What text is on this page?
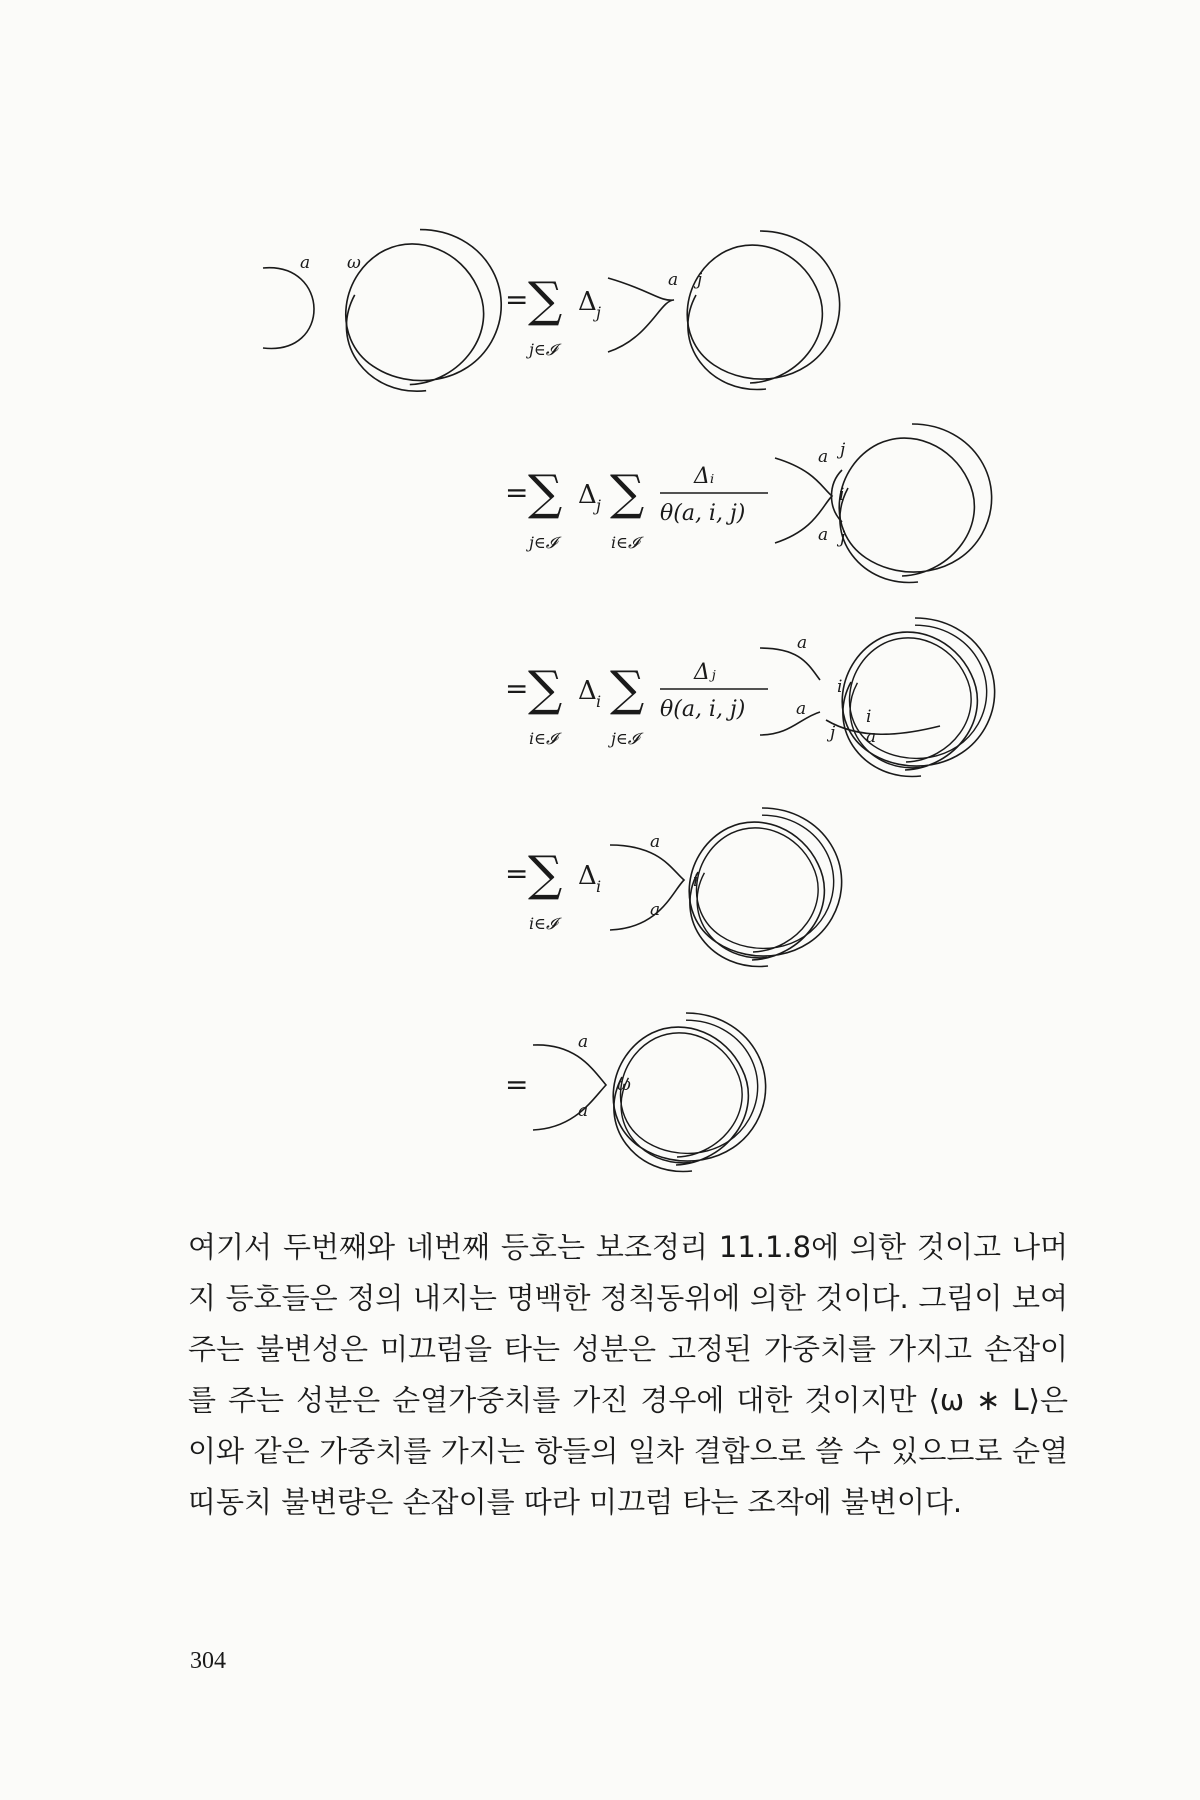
a ω
= ∑
j∈𝓘
Δ j
a j
= ∑
j∈𝓘
Δ j ∑
i∈𝓘
Δᵢ
θ(a, i, j)
a j
i
a j
= ∑
i∈𝓘
Δ i ∑
j∈𝓘
Δⱼ
θ(a, i, j)
a
i
a
j
i
a
= ∑
i∈𝓘
Δ i
a
i
a
=
a
ω
a

여기서 두번째와 네번째 등호는 보조정리 11.1.8에 의한 것이고 나머지 등호들은 정의 내지는 명백한 정칙동위에 의한 것이다. 그림이 보여주는 불변성은 미끄럼을 타는 성분은 고정된 가중치를 가지고 손잡이를 주는 성분은 순열가중치를 가진 경우에 대한 것이지만 ⟨ω ∗ L⟩은 이와 같은 가중치를 가지는 항들의 일차 결합으로 쓸 수 있으므로 순열 띠동치 불변량은 손잡이를 따라 미끄럼 타는 조작에 불변이다.

304
